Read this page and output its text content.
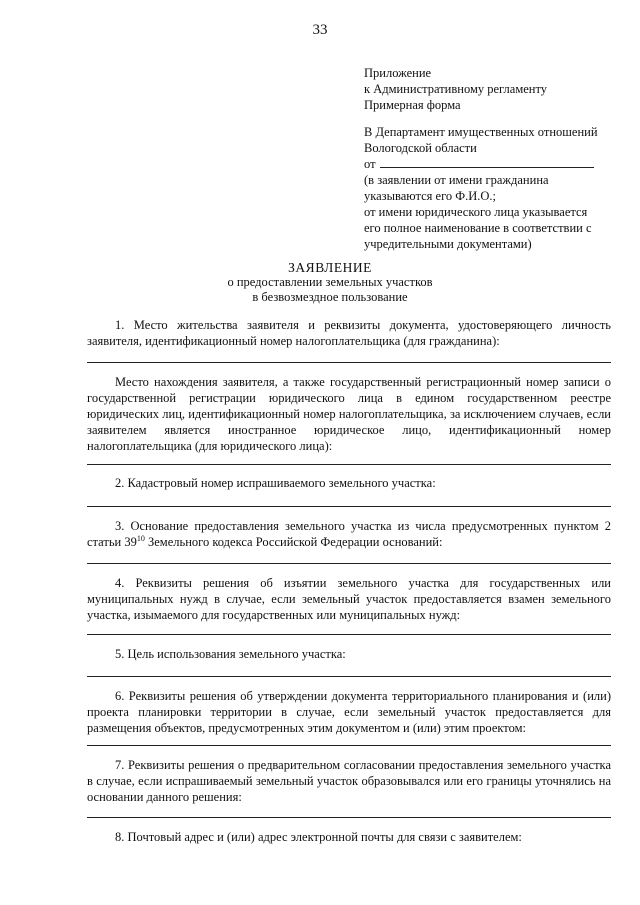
33
Приложение
к Административному регламенту
Примерная форма
В Департамент имущественных отношений
Вологодской области
от
(в заявлении от имени гражданина
указываются его Ф.И.О.;
от имени юридического лица указывается
его полное наименование в соответствии с
учредительными документами)
ЗАЯВЛЕНИЕ
о предоставлении земельных участков
в безвозмездное пользование
1. Место жительства заявителя и реквизиты документа, удостоверяющего личность заявителя, идентификационный номер налогоплательщика (для гражданина):
Место нахождения заявителя, а также государственный регистрационный номер записи о государственной регистрации юридического лица в едином государственном реестре юридических лиц, идентификационный номер налогоплательщика, за исключением случаев, если заявителем является иностранное юридическое лицо, идентификационный номер налогоплательщика (для юридического лица):
2. Кадастровый номер испрашиваемого земельного участка:
3. Основание предоставления земельного участка из числа предусмотренных пунктом 2 статьи $39^{10}$ Земельного кодекса Российской Федерации оснований:
4. Реквизиты решения об изъятии земельного участка для государственных или муниципальных нужд в случае, если земельный участок предоставляется взамен земельного участка, изымаемого для государственных или муниципальных нужд:
5. Цель использования земельного участка:
6. Реквизиты решения об утверждении документа территориального планирования и (или) проекта планировки территории в случае, если земельный участок предоставляется для размещения объектов, предусмотренных этим документом и (или) этим проектом:
7. Реквизиты решения о предварительном согласовании предоставления земельного участка в случае, если испрашиваемый земельный участок образовывался или его границы уточнялись на основании данного решения:
8. Почтовый адрес и (или) адрес электронной почты для связи с заявителем:
